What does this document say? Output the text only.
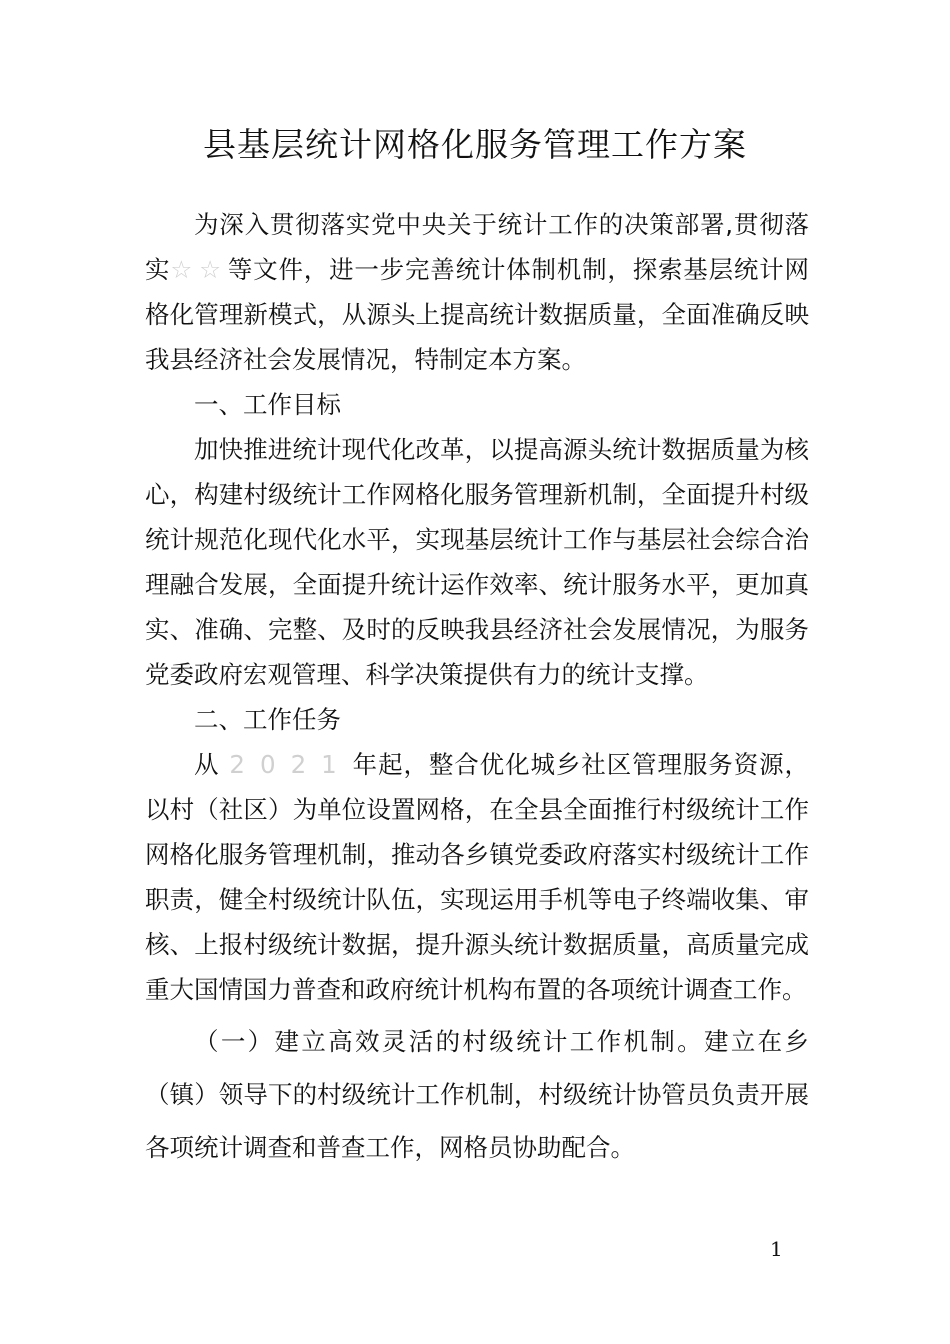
县基层统计网格化服务管理工作方案

为深入贯彻落实党中央关于统计工作的决策部署,贯彻落实☆☆等文件，进一步完善统计体制机制，探索基层统计网格化管理新模式，从源头上提高统计数据质量，全面准确反映我县经济社会发展情况，特制定本方案。

一、工作目标

加快推进统计现代化改革，以提高源头统计数据质量为核心，构建村级统计工作网格化服务管理新机制，全面提升村级统计规范化现代化水平，实现基层统计工作与基层社会综合治理融合发展，全面提升统计运作效率、统计服务水平，更加真实、准确、完整、及时的反映我县经济社会发展情况，为服务党委政府宏观管理、科学决策提供有力的统计支撑。

二、工作任务

从 2021年起，整合优化城乡社区管理服务资源，以村（社区）为单位设置网格，在全县全面推行村级统计工作网格化服务管理机制，推动各乡镇党委政府落实村级统计工作职责，健全村级统计队伍，实现运用手机等电子终端收集、审核、上报村级统计数据，提升源头统计数据质量，高质量完成重大国情国力普查和政府统计机构布置的各项统计调查工作。

（一）建立高效灵活的村级统计工作机制。建立在乡（镇）领导下的村级统计工作机制，村级统计协管员负责开展各项统计调查和普查工作，网格员协助配合。

1
